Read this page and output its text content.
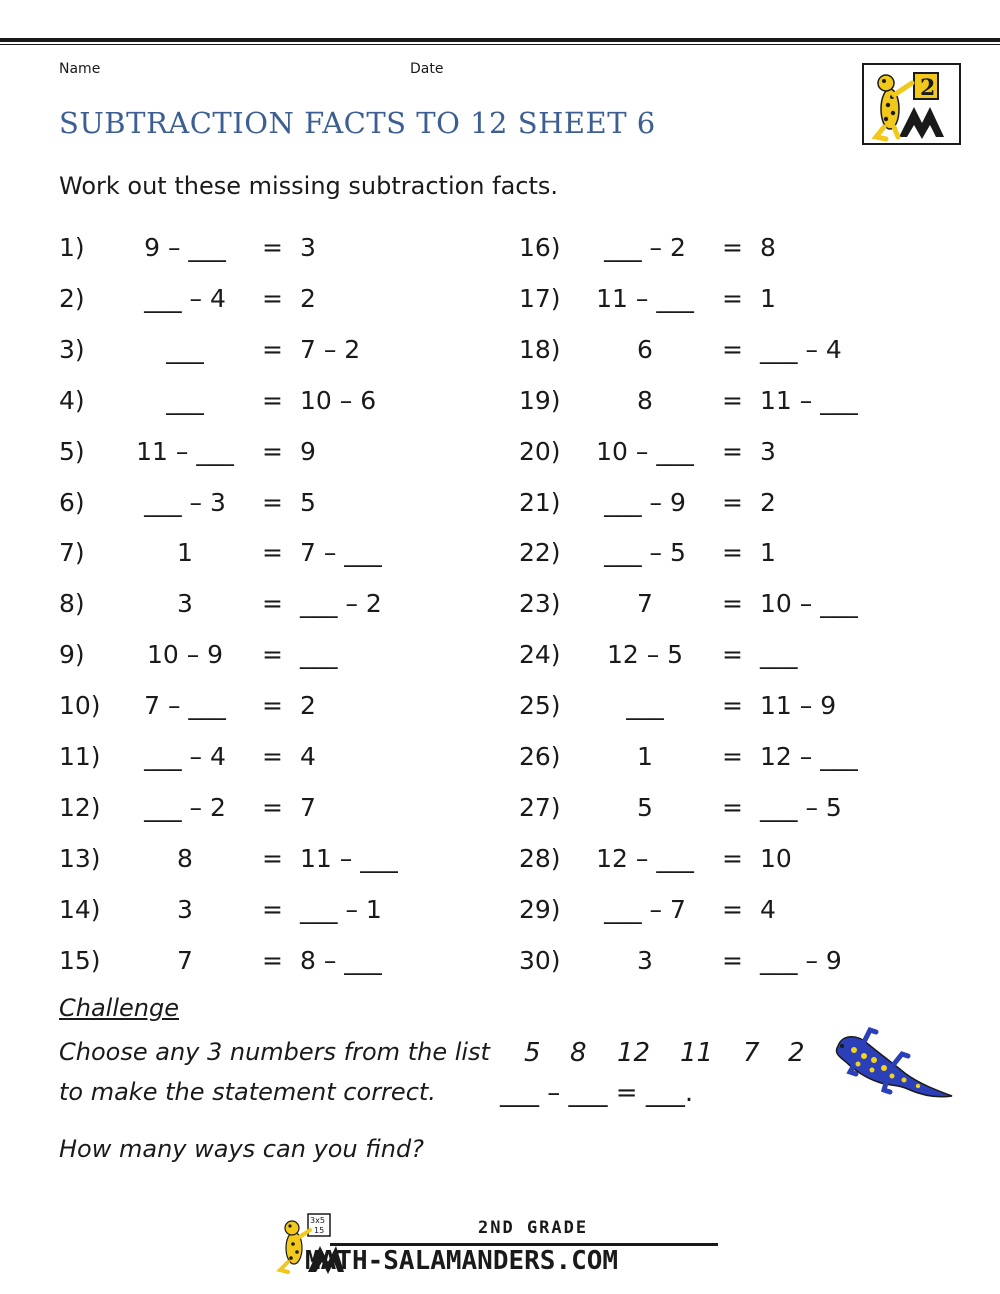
Name	Date
SUBTRACTION FACTS TO 12 SHEET 6
2
Work out these missing subtraction facts.
1)	9 – ___	= 3
2)	___ – 4	= 2
3)	___	= 7 – 2
4)	___	= 10 – 6
5) 11 – ___ = 9
6)	___ – 3	= 5
7)	1	= 7 – ___
8)	3	= ___ – 2
9)	10 – 9	= ___
10)	7 – ___	= 2
11)	___ – 4	= 4
12)	___ – 2	= 7
13)	8	= 11 – ___
14)	3	= ___ – 1
15)	7	= 8 – ___
16)	___ – 2	= 8
17) 11 – ___ = 1
18)	6	= ___ – 4
19)	8	= 11 – ___
20) 10 – ___ = 3
21)	___ – 9	= 2
22)	___ – 5	= 1
23)	7	= 10 – ___
24)	12 – 5	= ___
25)	___	= 11 – 9
26)	1	= 12 – ___
27)	5	= ___ – 5
28) 12 – ___ = 10
29)	___ – 7	= 4
30)	3	= ___ – 9
Challenge
Choose any 3 numbers from the list
to make the statement correct.
5 8 12 11 7 2
___ – ___ = ___.
How many ways can you find?
3x5
15	2ND GRADE
MATH-SALAMANDERS.COM
